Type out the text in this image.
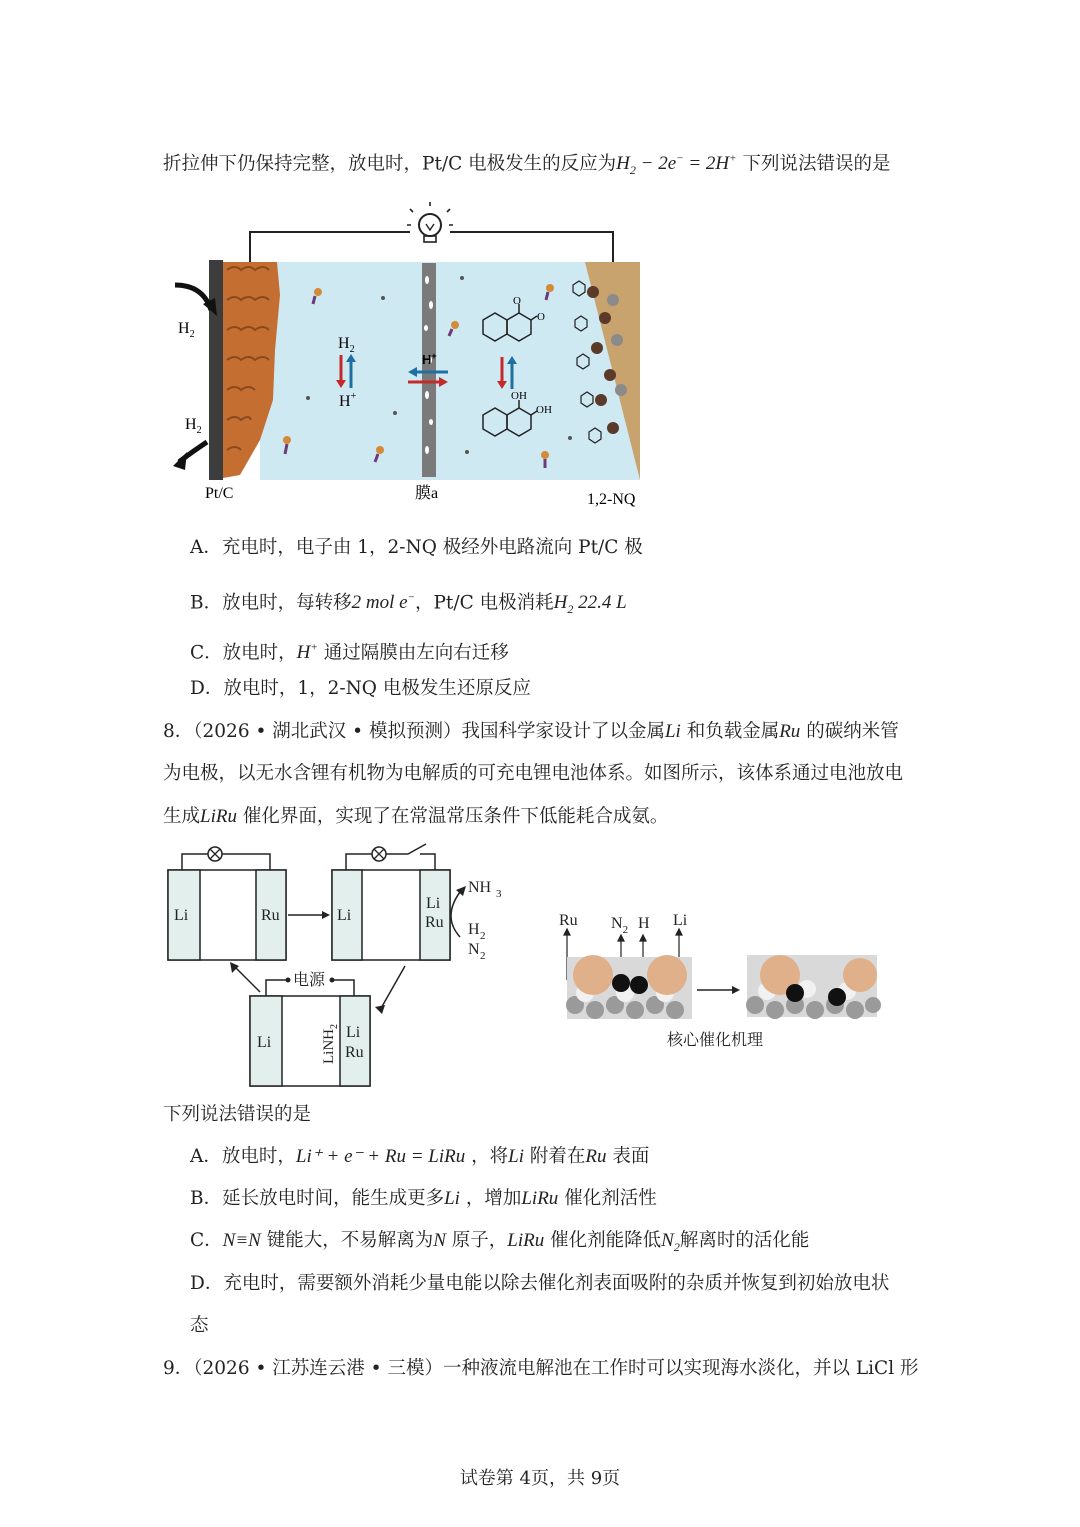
折拉伸下仍保持完整，放电时，Pt/C 电极发生的反应为$H_2 - 2e^- = 2H^+$ 下列说法错误的是
$H_2$
$H_2$
$H_2$
H+
H+
O
O
OH
OH
Pt/C	膜a	1,2-NQ
A．充电时，电子由 1，2-NQ 极经外电路流向 Pt/C 极
B．放电时，每转移2 mol e−，Pt/C 电极消耗$H_2$ 22.4 L
C．放电时，H+ 通过隔膜由左向右迁移
D．放电时，1，2-NQ 电极发生还原反应
8．（2026 • 湖北武汉 • 模拟预测）我国科学家设计了以金属Li 和负载金属Ru 的碳纳米管
为电极，以无水含锂有机物为电解质的可充电锂电池体系。如图所示，该体系通过电池放电
生成LiRu 催化界面，实现了在常温常压条件下低能耗合成氨。
Li	Ru	Li
Li
Ru
NH 3
H 2
N 2
电源
Li
Li
Ru
LiNH$_2$
Ru $N_2$ H Li
核心催化机理
下列说法错误的是
A．放电时，Li⁺ + e⁻ + Ru = LiRu ，将Li 附着在Ru 表面
B．延长放电时间，能生成更多Li ，增加LiRu 催化剂活性
C．N≡N 键能大，不易解离为N 原子，LiRu 催化剂能降低$N_2$解离时的活化能
D．充电时，需要额外消耗少量电能以除去催化剂表面吸附的杂质并恢复到初始放电状
态
9．（2026 • 江苏连云港 • 三模）一种液流电解池在工作时可以实现海水淡化，并以 LiCl 形
试卷第 4页，共 9页
